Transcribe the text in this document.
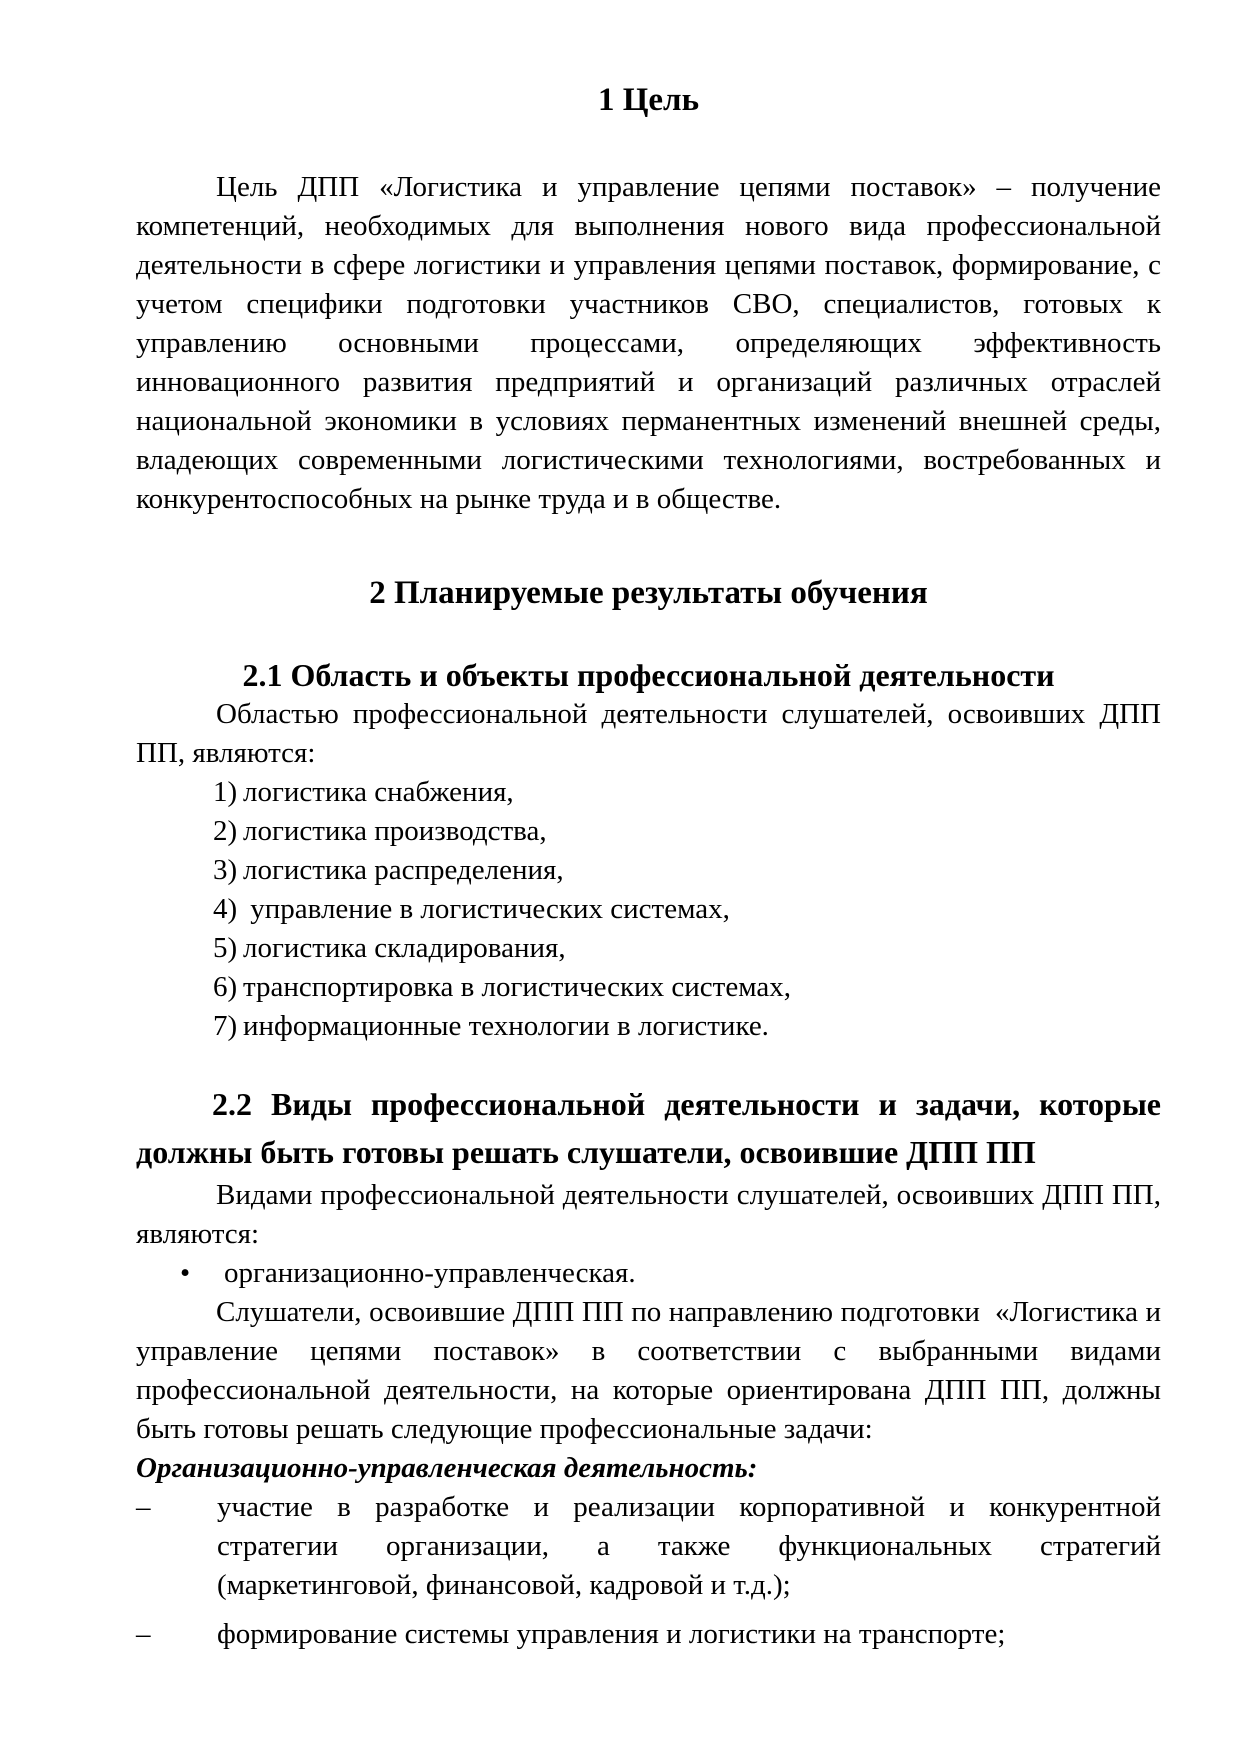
1 Цель

Цель ДПП «Логистика и управление цепями поставок» – получение компетенций, необходимых для выполнения нового вида профессиональной деятельности в сфере логистики и управления цепями поставок, формирование, с учетом специфики подготовки участников СВО, специалистов, готовых к управлению основными процессами, определяющих эффективность инновационного развития предприятий и организаций различных отраслей национальной экономики в условиях перманентных изменений внешней среды, владеющих современными логистическими технологиями, востребованных и конкурентоспособных на рынке труда и в обществе.

2 Планируемые результаты обучения
2.1 Область и объекты профессиональной деятельности

Областью профессиональной деятельности слушателей, освоивших ДПП ПП, являются:

1) логистика снабжения,
2) логистика производства,
3) логистика распределения,
4) управление в логистических системах,
5) логистика складирования,
6) транспортировка в логистических системах,
7) информационные технологии в логистике.
2.2 Виды профессиональной деятельности и задачи, которые должны быть готовы решать слушатели, освоившие ДПП ПП

Видами профессиональной деятельности слушателей, освоивших ДПП ПП, являются:

• организационно-управленческая.

Слушатели, освоившие ДПП ПП по направлению подготовки  «Логистика и управление цепями поставок» в соответствии с выбранными видами профессиональной деятельности, на которые ориентирована ДПП ПП, должны быть готовы решать следующие профессиональные задачи:

Организационно-управленческая деятельность:

– участие в разработке и реализации корпоративной и конкурентной стратегии организации, а также функциональных стратегий (маркетинговой, финансовой, кадровой и т.д.);
– формирование системы управления и логистики на транспорте;
